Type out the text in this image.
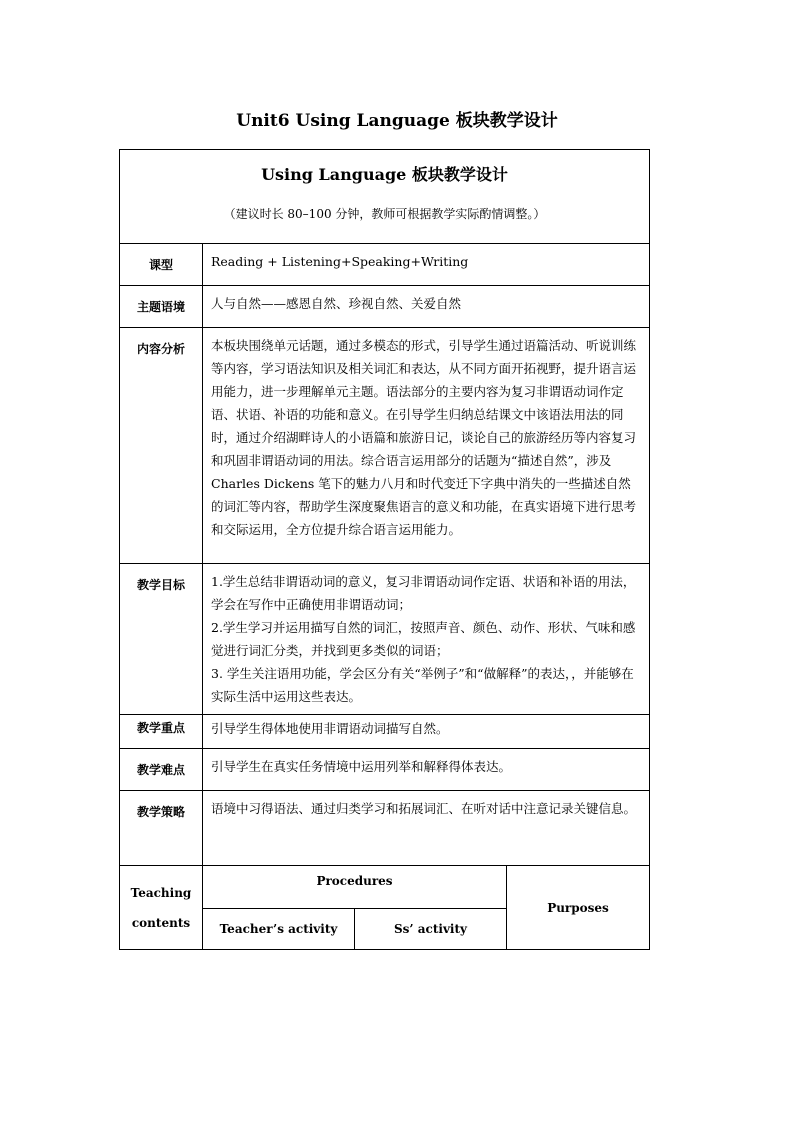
Unit6 Using Language 板块教学设计
Using Language 板块教学设计
（建议时长 80–100 分钟，教师可根据教学实际酌情调整。）			

课型	Reading + Listening+Speaking+Writing		

主题语境	人与自然——感恩自然、珍视自然、关爱自然		

内容分析	本板块围绕单元话题，通过多模态的形式，引导学生通过语篇活动、听说训练等内容，学习语法知识及相关词汇和表达，从不同方面开拓视野，提升语言运用能力，进一步理解单元主题。语法部分的主要内容为复习非谓语动词作定语、状语、补语的功能和意义。在引导学生归纳总结课文中该语法用法的同时，通过介绍湖畔诗人的小语篇和旅游日记，谈论自己的旅游经历等内容复习和巩固非谓语动词的用法。综合语言运用部分的话题为“描述自然”，涉及 Charles Dickens 笔下的魅力八月和时代变迁下字典中消失的一些描述自然的词汇等内容，帮助学生深度聚焦语言的意义和功能，在真实语境下进行思考和交际运用，全方位提升综合语言运用能力。		

教学目标	1.学生总结非谓语动词的意义，复习非谓语动词作定语、状语和补语的用法，学会在写作中正确使用非谓语动词；

2.学生学习并运用描写自然的词汇，按照声音、颜色、动作、形状、气味和感觉进行词汇分类，并找到更多类似的词语；

3. 学生关注语用功能，学会区分有关“举例子”和“做解释”的表达，，并能够在实际生活中运用这些表达。		

教学重点	引导学生得体地使用非谓语动词描写自然。		

教学难点	引导学生在真实任务情境中运用列举和解释得体表达。		

教学策略	语境中习得语法、通过归类学习和拓展词汇、在听对话中注意记录关键信息。		

Teaching contents	Procedures		Purposes
	Teacher’s activity	Ss’ activity	
